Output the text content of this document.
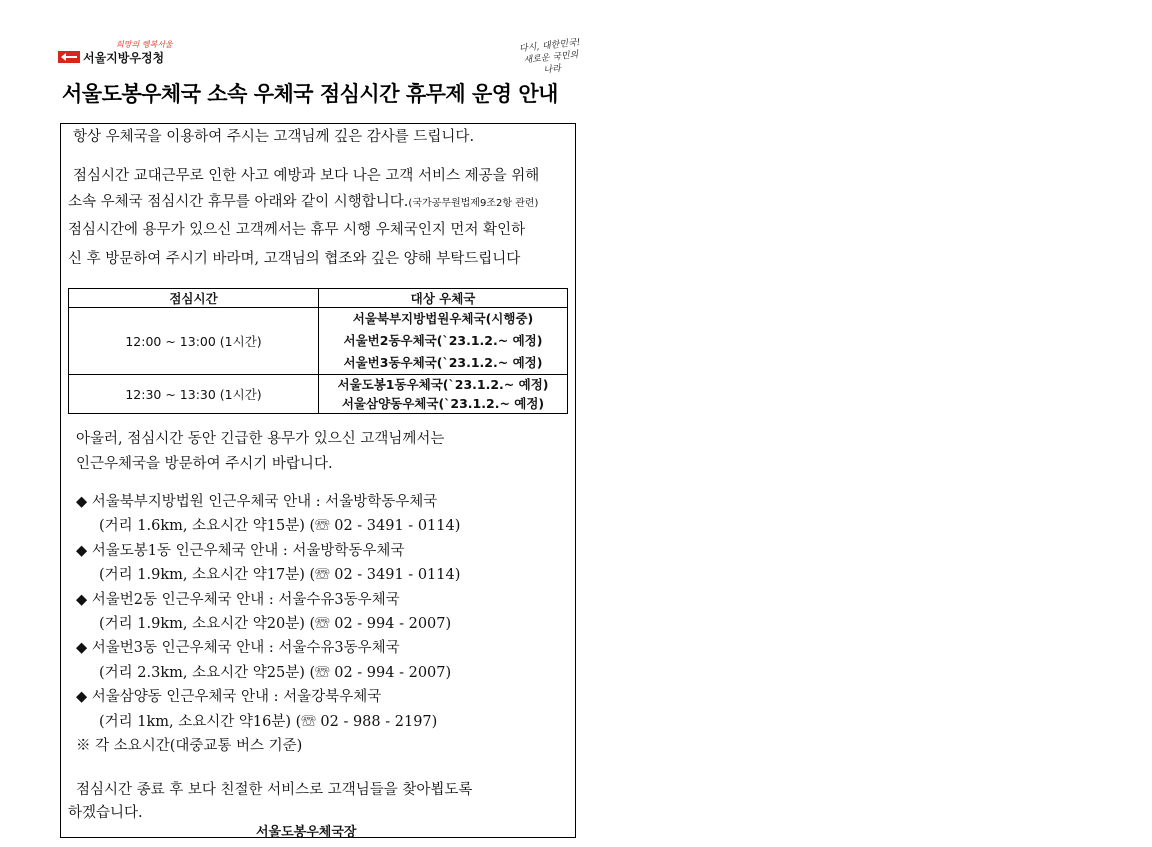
희망의 행복서울
서울지방우정청
다시, 대한민국! 새로운 국민의 나라
서울도봉우체국 소속 우체국 점심시간 휴무제 운영 안내
항상 우체국을 이용하여 주시는 고객님께 깊은 감사를 드립니다.
점심시간 교대근무로 인한 사고 예방과 보다 나은 고객 서비스 제공을 위해
소속 우체국 점심시간 휴무를 아래와 같이 시행합니다.(국가공무원법제9조2항 관련)
점심시간에 용무가 있으신 고객께서는 휴무 시행 우체국인지 먼저 확인하
신 후 방문하여 주시기 바라며, 고객님의 협조와 깊은 양해 부탁드립니다
점심시간	대상 우체국
12:00 ~ 13:00 (1시간)	서울북부지방법원우체국(시행중)
서울번2동우체국(`23.1.2.~ 예정)
서울번3동우체국(`23.1.2.~ 예정)

12:30 ~ 13:30 (1시간)	서울도봉1동우체국(`23.1.2.~ 예정)
서울삼양동우체국(`23.1.2.~ 예정)
아울러, 점심시간 동안 긴급한 용무가 있으신 고객님께서는
인근우체국을 방문하여 주시기 바랍니다.
◆ 서울북부지방법원 인근우체국 안내 : 서울방학동우체국
(거리 1.6km, 소요시간 약15분) (☏ 02 - 3491 - 0114)
◆ 서울도봉1동 인근우체국 안내 : 서울방학동우체국
(거리 1.9km, 소요시간 약17분) (☏ 02 - 3491 - 0114)
◆ 서울번2동 인근우체국 안내 : 서울수유3동우체국
(거리 1.9km, 소요시간 약20분) (☏ 02 - 994 - 2007)
◆ 서울번3동 인근우체국 안내 : 서울수유3동우체국
(거리 2.3km, 소요시간 약25분) (☏ 02 - 994 - 2007)
◆ 서울삼양동 인근우체국 안내 : 서울강북우체국
(거리 1km, 소요시간 약16분) (☏ 02 - 988 - 2197)
※ 각 소요시간(대중교통 버스 기준)
점심시간 종료 후 보다 친절한 서비스로 고객님들을 찾아뵙도록
하겠습니다.
서울도봉우체국장
